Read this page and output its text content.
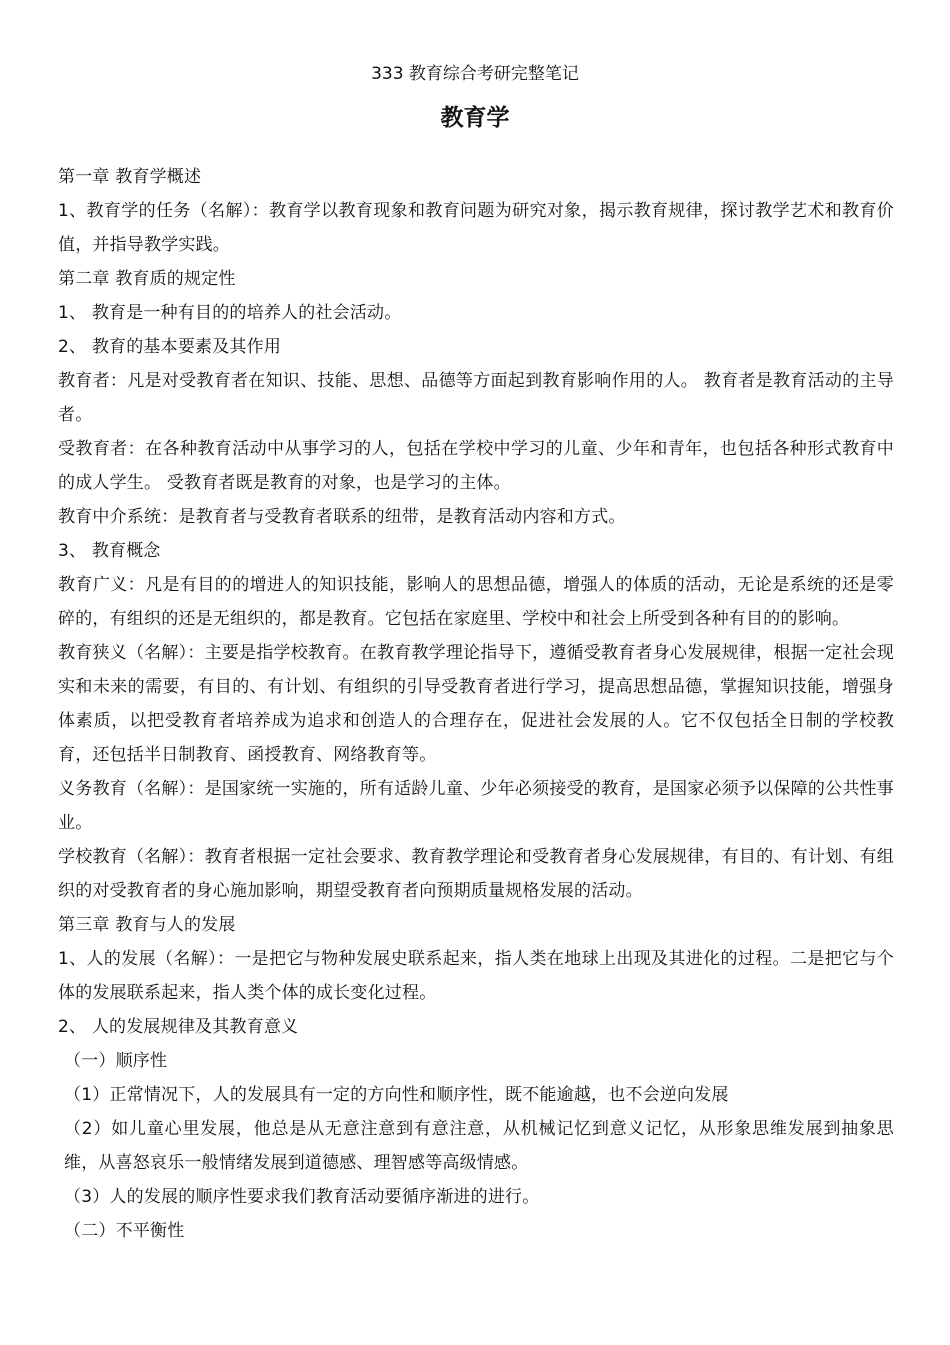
333 教育综合考研完整笔记
教育学

第一章 教育学概述

1、教育学的任务（名解）：教育学以教育现象和教育问题为研究对象，揭示教育规律，探讨教学艺术和教育价值，并指导教学实践。

第二章 教育质的规定性

1、 教育是一种有目的的培养人的社会活动。

2、 教育的基本要素及其作用

教育者：凡是对受教育者在知识、技能、思想、品德等方面起到教育影响作用的人。 教育者是教育活动的主导者。

受教育者：在各种教育活动中从事学习的人，包括在学校中学习的儿童、少年和青年，也包括各种形式教育中的成人学生。 受教育者既是教育的对象，也是学习的主体。

教育中介系统：是教育者与受教育者联系的纽带，是教育活动内容和方式。

3、 教育概念

教育广义：凡是有目的的增进人的知识技能，影响人的思想品德，增强人的体质的活动，无论是系统的还是零碎的，有组织的还是无组织的，都是教育。它包括在家庭里、学校中和社会上所受到各种有目的的影响。

教育狭义（名解）：主要是指学校教育。在教育教学理论指导下，遵循受教育者身心发展规律，根据一定社会现实和未来的需要，有目的、有计划、有组织的引导受教育者进行学习，提高思想品德，掌握知识技能，增强身体素质，以把受教育者培养成为追求和创造人的合理存在，促进社会发展的人。它不仅包括全日制的学校教育，还包括半日制教育、函授教育、网络教育等。

义务教育（名解）：是国家统一实施的，所有适龄儿童、少年必须接受的教育，是国家必须予以保障的公共性事业。

学校教育（名解）：教育者根据一定社会要求、教育教学理论和受教育者身心发展规律，有目的、有计划、有组织的对受教育者的身心施加影响，期望受教育者向预期质量规格发展的活动。

第三章 教育与人的发展

1、人的发展（名解）：一是把它与物种发展史联系起来，指人类在地球上出现及其进化的过程。二是把它与个体的发展联系起来，指人类个体的成长变化过程。

2、 人的发展规律及其教育意义

（一）顺序性

（1）正常情况下，人的发展具有一定的方向性和顺序性，既不能逾越，也不会逆向发展

（2）如儿童心里发展，他总是从无意注意到有意注意，从机械记忆到意义记忆，从形象思维发展到抽象思维，从喜怒哀乐一般情绪发展到道德感、理智感等高级情感。

（3）人的发展的顺序性要求我们教育活动要循序渐进的进行。

（二）不平衡性
